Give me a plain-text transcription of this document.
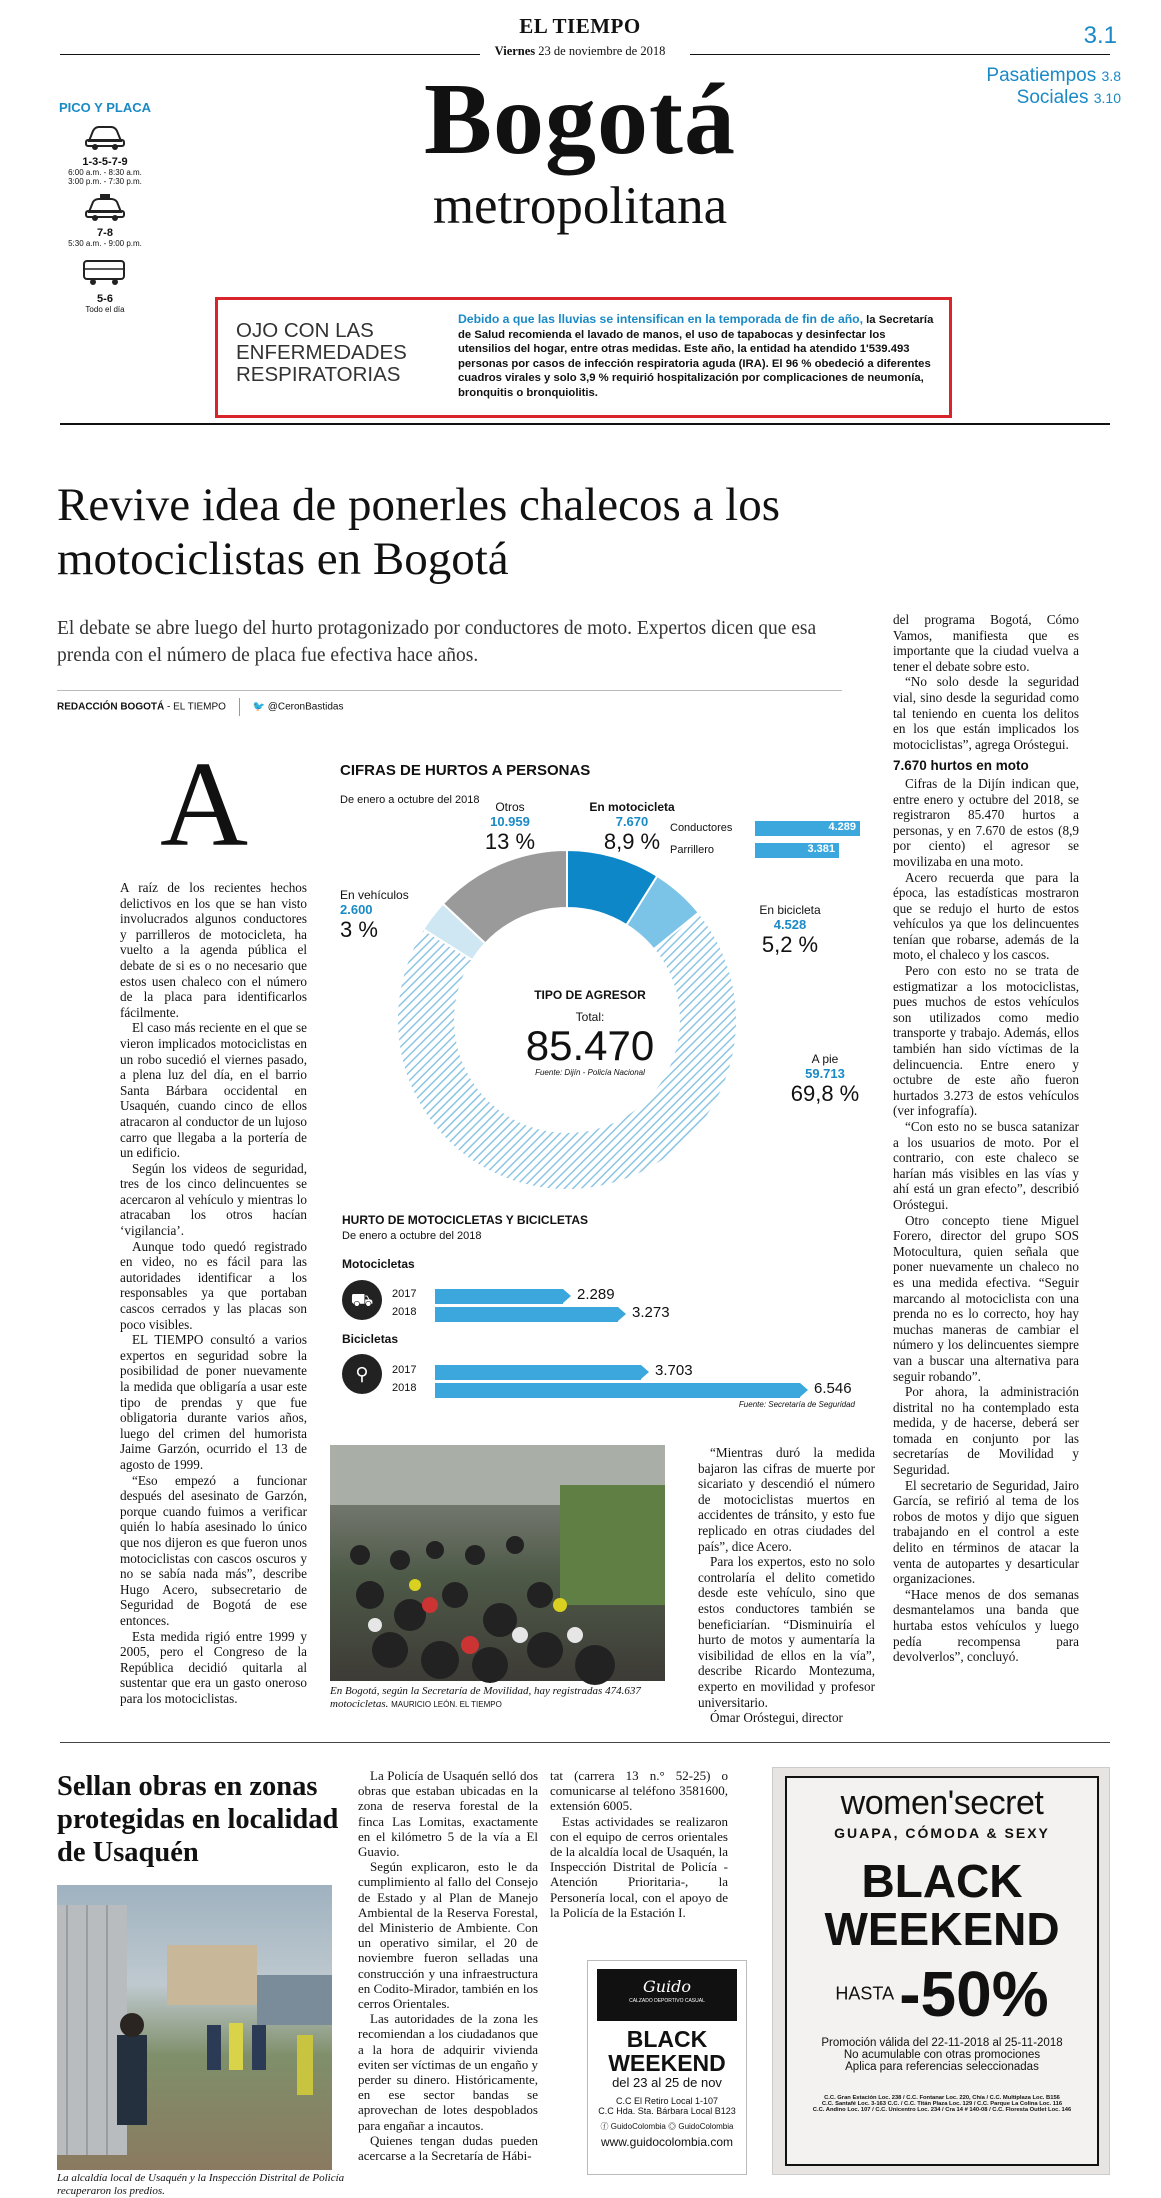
EL TIEMPO
Viernes 23 de noviembre de 2018
3.1
Bogotá
metropolitana
Pasatiempos 3.8
Sociales 3.10
PICO Y PLACA
1-3-5-7-9
6:00 a.m. - 8:30 a.m.
3:00 p.m. - 7:30 p.m.
7-8
5:30 a.m. - 9:00 p.m.
5-6
Todo el día
OJO CON LAS ENFERMEDADES RESPIRATORIAS
Debido a que las lluvias se intensifican en la temporada de fin de año, la Secretaría de Salud recomienda el lavado de manos, el uso de tapabocas y desinfectar los utensilios del hogar, entre otras medidas. Este año, la entidad ha atendido 1'539.493 personas por casos de infección respiratoria aguda (IRA). El 96 % obedeció a diferentes cuadros virales y solo 3,9 % requirió hospitalización por complicaciones de neumonía, bronquitis o bronquiolitis.
Revive idea de ponerles chalecos a los motociclistas en Bogotá
El debate se abre luego del hurto protagonizado por conductores de moto. Expertos dicen que esa prenda con el número de placa fue efectiva hace años.
REDACCIÓN BOGOTÁ - EL TIEMPO	🐦 @CeronBastidas
A

A raíz de los recientes hechos delictivos en los que se han visto involucrados algunos conductores y parrilleros de motocicleta, ha vuelto a la agenda pública el debate de si es o no necesario que estos usen chaleco con el número de la placa para identificarlos fácilmente.

El caso más reciente en el que se vieron implicados motociclistas en un robo sucedió el viernes pasado, a plena luz del día, en el barrio Santa Bárbara occidental en Usaquén, cuando cinco de ellos atracaron al conductor de un lujoso carro que llegaba a la portería de un edificio.

Según los videos de seguridad, tres de los cinco delincuentes se acercaron al vehículo y mientras lo atracaban los otros hacían ‘vigilancia’.

Aunque todo quedó registrado en video, no es fácil para las autoridades identificar a los responsables ya que portaban cascos cerrados y las placas son poco visibles.

EL TIEMPO consultó a varios expertos en seguridad sobre la posibilidad de poner nuevamente la medida que obligaría a usar este tipo de prendas y que fue obligatoria durante varios años, luego del crimen del humorista Jaime Garzón, ocurrido el 13 de agosto de 1999.

“Eso empezó a funcionar después del asesinato de Garzón, porque cuando fuimos a verificar quién lo había asesinado lo único que nos dijeron es que fueron unos motociclistas con cascos oscuros y no se sabía nada más”, describe Hugo Acero, subsecretario de Seguridad de Bogotá de ese entonces.

Esta medida rigió entre 1999 y 2005, pero el Congreso de la República decidió quitarla al sustentar que era un gasto oneroso para los motociclistas.

CIFRAS DE HURTOS A PERSONAS
De enero a octubre del 2018	Otros
10.959
13 %
En motocicleta
7.670
8,9 %
Conductores	4.289
Parrillero	3.381
En bicicleta
4.528
5,2 %
A pie
59.713
69,8 %
En vehículos
2.600
3 %
TIPO DE AGRESOR
Total:
85.470
Fuente: Dijín - Policía Nacional
HURTO DE MOTOCICLETAS Y BICICLETAS
De enero a octubre del 2018
Motocicletas
⛟
Bicicletas
⚲
2017	2.289
2018	3.273
2017	3.703
2018	6.546
Fuente: Secretaría de Seguridad
En Bogotá, según la Secretaría de Movilidad, hay registradas 474.637 motocicletas. MAURICIO LEÓN. EL TIEMPO

“Mientras duró la medida bajaron las cifras de muerte por sicariato y descendió el número de motociclistas muertos en accidentes de tránsito, y esto fue replicado en otras ciudades del país”, dice Acero.

Para los expertos, esto no solo controlaría el delito cometido desde este vehículo, sino que estos conductores también se beneficiarían. “Disminuiría el hurto de motos y aumentaría la visibilidad de ellos en la vía”, describe Ricardo Montezuma, experto en movilidad y profesor universitario.

Ómar Oróstegui, director

del programa Bogotá, Cómo Vamos, manifiesta que es importante que la ciudad vuelva a tener el debate sobre esto.

“No solo desde la seguridad vial, sino desde la seguridad como tal teniendo en cuenta los delitos en los que están implicados los motociclistas”, agrega Oróstegui.

7.670 hurtos en moto

Cifras de la Dijín indican que, entre enero y octubre del 2018, se registraron 85.470 hurtos a personas, y en 7.670 de estos (8,9 por ciento) el agresor se movilizaba en una moto.

Acero recuerda que para la época, las estadísticas mostraron que se redujo el hurto de estos vehículos ya que los delincuentes tenían que robarse, además de la moto, el chaleco y los cascos.

Pero con esto no se trata de estigmatizar a los motociclistas, pues muchos de estos vehículos son utilizados como medio transporte y trabajo. Además, ellos también han sido víctimas de la delincuencia. Entre enero y octubre de este año fueron hurtados 3.273 de estos vehículos (ver infografía).

“Con esto no se busca satanizar a los usuarios de moto. Por el contrario, con este chaleco se harían más visibles en las vías y ahí está un gran efecto”, describió Oróstegui.

Otro concepto tiene Miguel Forero, director del grupo SOS Motocultura, quien señala que poner nuevamente un chaleco no es una medida efectiva. “Seguir marcando al motociclista con una prenda no es lo correcto, hoy hay muchas maneras de cambiar el número y los delincuentes siempre van a buscar una alternativa para seguir robando”.

Por ahora, la administración distrital no ha contemplado esta medida, y de hacerse, deberá ser tomada en conjunto por las secretarías de Movilidad y Seguridad.

El secretario de Seguridad, Jairo García, se refirió al tema de los robos de motos y dijo que siguen trabajando en el control a este delito en términos de atacar la venta de autopartes y desarticular organizaciones.

“Hace menos de dos semanas desmantelamos una banda que hurtaba estos vehículos y luego pedía recompensa para devolverlos”, concluyó.

Sellan obras en zonas protegidas en localidad de Usaquén
La alcaldía local de Usaquén y la Inspección Distrital de Policía recuperaron los predios.

La Policía de Usaquén selló dos obras que estaban ubicadas en la zona de reserva forestal de la finca Las Lomitas, exactamente en el kilómetro 5 de la vía a El Guavio.

Según explicaron, esto le da cumplimiento al fallo del Consejo de Estado y al Plan de Manejo Ambiental de la Reserva Forestal, del Ministerio de Ambiente. Con un operativo similar, el 20 de noviembre fueron selladas una construcción y una infraestructura en Codito-Mirador, también en los cerros Orientales.

Las autoridades de la zona les recomiendan a los ciudadanos que a la hora de adquirir vivienda eviten ser víctimas de un engaño y perder su dinero. Históricamente, en ese sector bandas se aprovechan de lotes despoblados para engañar a incautos.

Quienes tengan dudas pueden acercarse a la Secretaría de Hábi-

tat (carrera 13 n.° 52-25) o comunicarse al teléfono 3581600, extensión 6005.

Estas actividades se realizaron con el equipo de cerros orientales de la alcaldía local de Usaquén, la Inspección Distrital de Policía -Atención Prioritaria-, la Personería local, con el apoyo de la Policía de la Estación I.

Guido
CALZADO DEPORTIVO CASUAL
BLACK
WEEKEND
del 23 al 25 de nov
C.C El Retiro Local 1-107
C.C Hda. Sta. Bárbara Local B123
ⓕ GuidoColombia ◎ GuidoColombia
www.guidocolombia.com
women'secret
GUAPA, CÓMODA & SEXY
BLACK
WEEKEND
HASTA -50%
Promoción válida del 22-11-2018 al 25-11-2018
No acumulable con otras promociones
Aplica para referencias seleccionadas
C.C. Gran Estación Loc. 238 / C.C. Fontanar Loc. 220, Chía / C.C. Multiplaza Loc. B156
C.C. Santafé Loc. 3-163 C.C. / C.C. Titán Plaza Loc. 129 / C.C. Parque La Colina Loc. 116
C.C. Andino Loc. 107 / C.C. Unicentro Loc. 234 / Cra 14 # 140-08 / C.C. Floresta Outlet Loc. 146
